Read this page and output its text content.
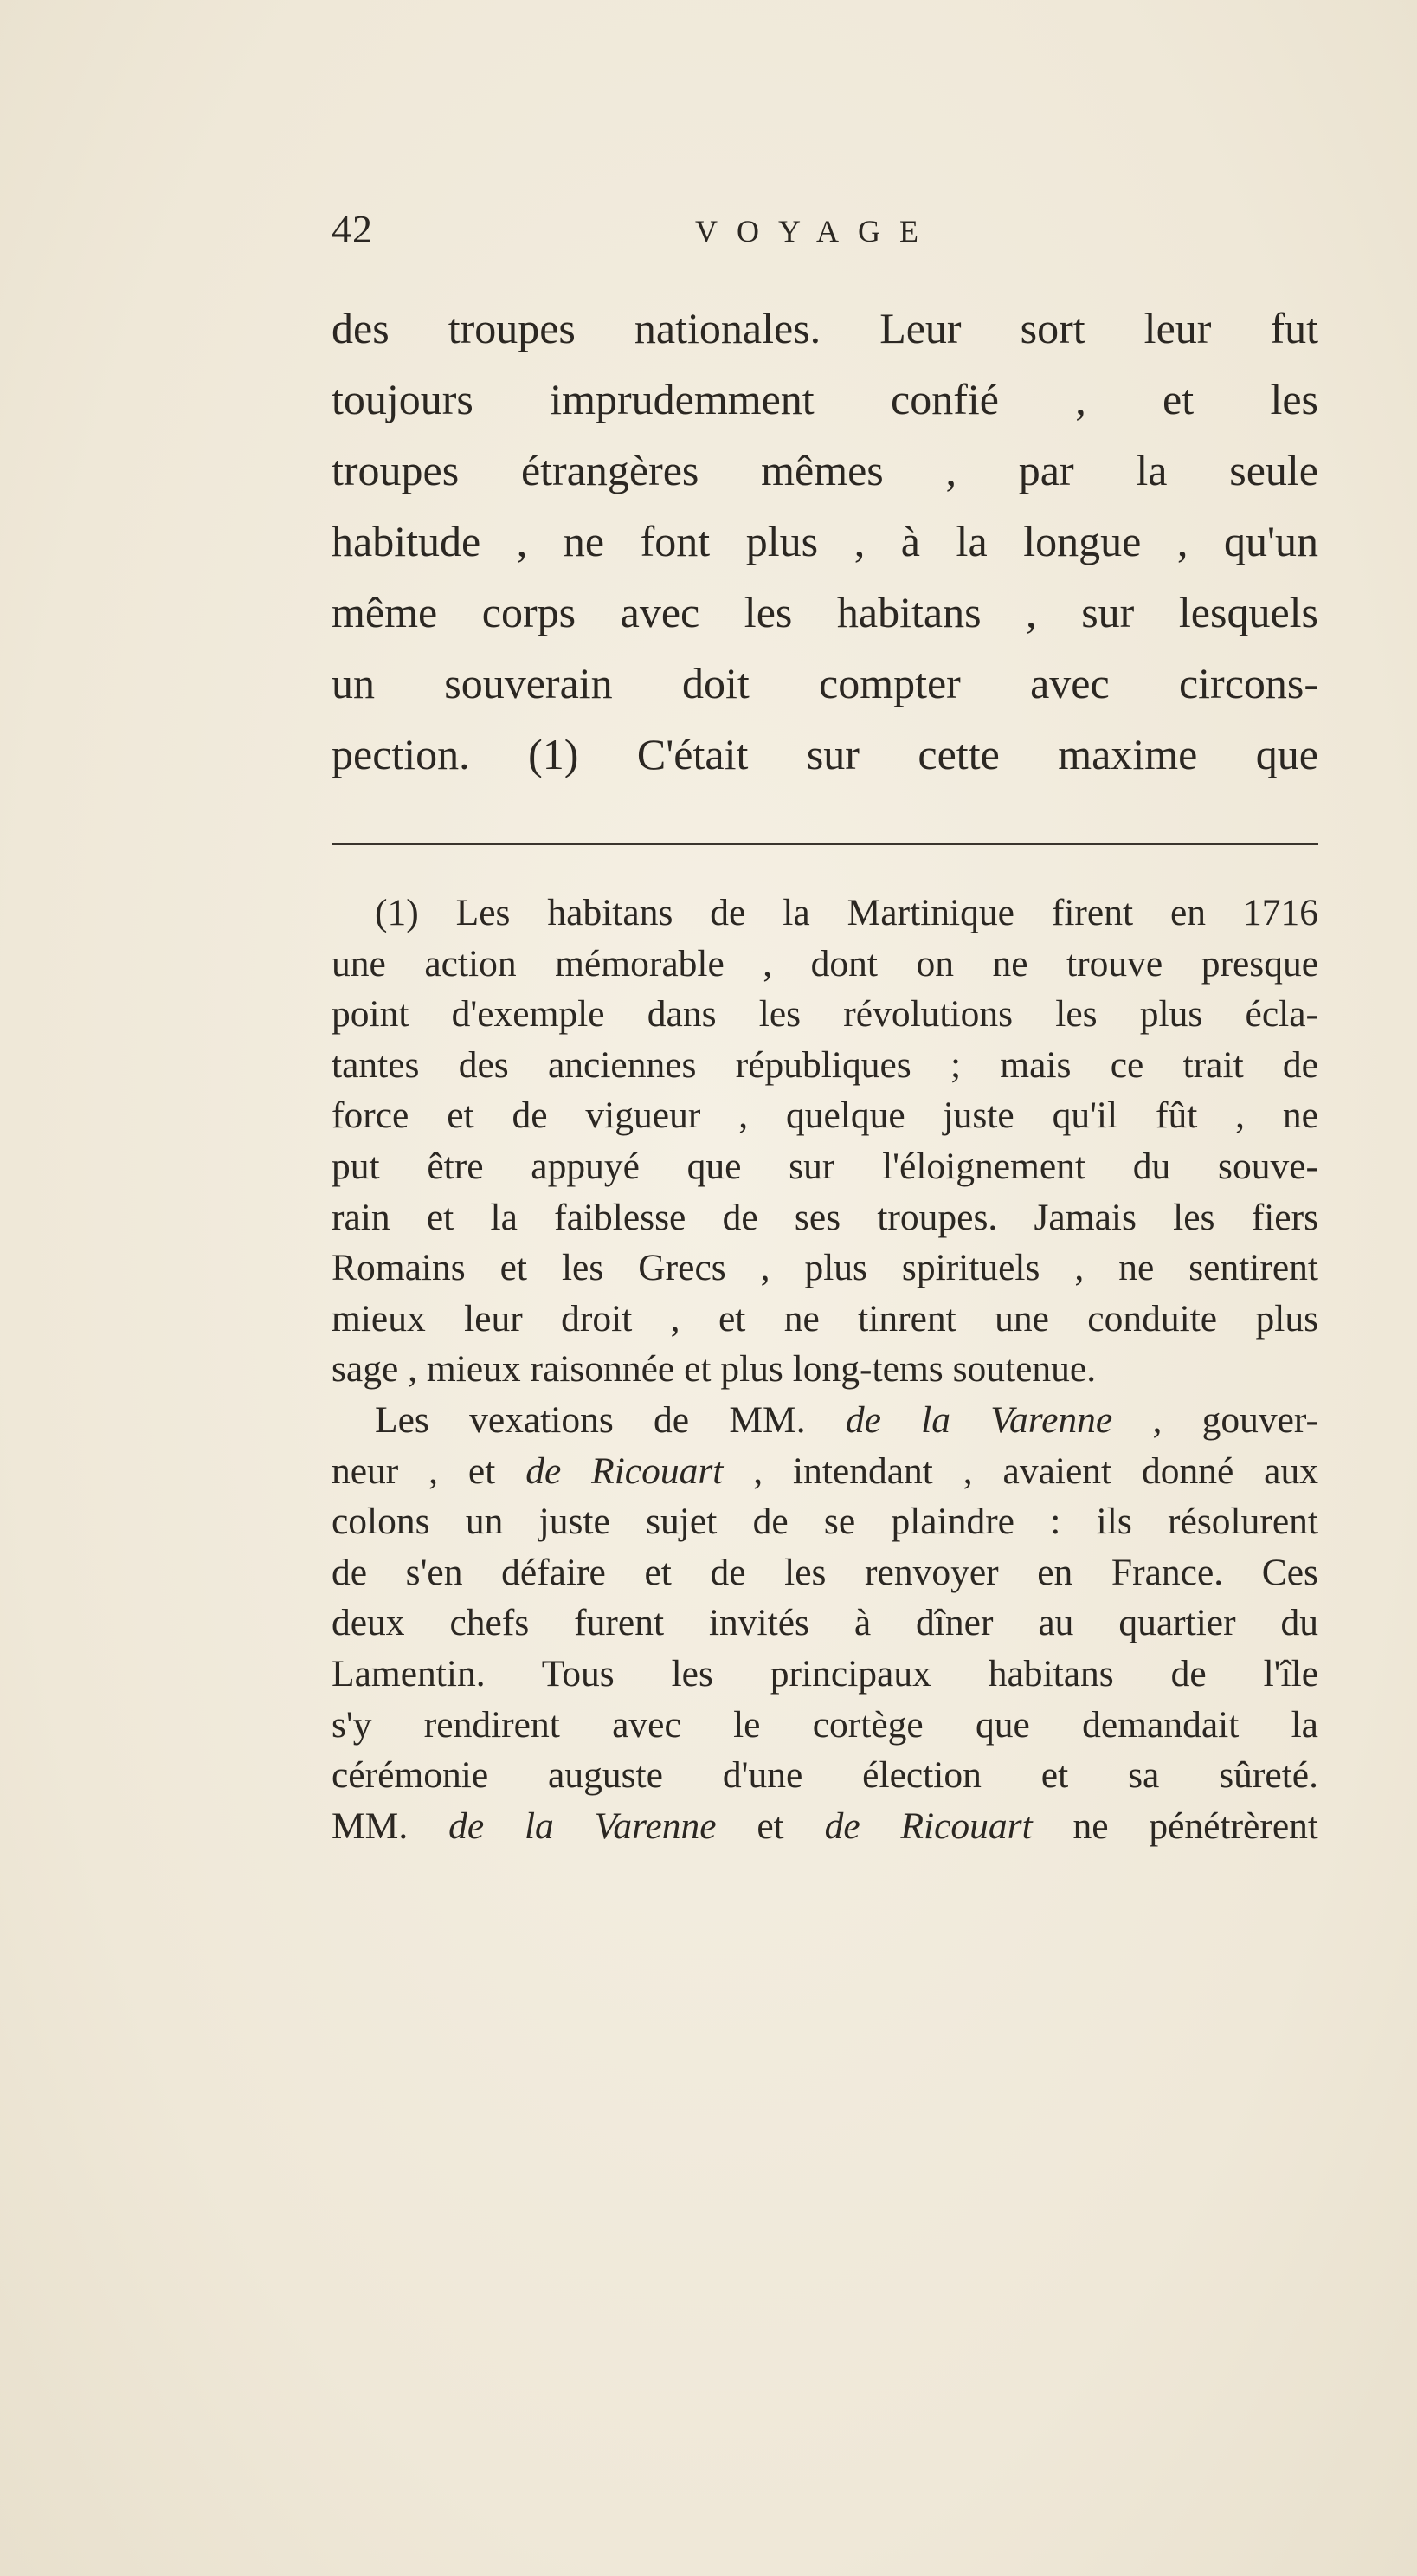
42	VOYAGE
des troupes nationales. Leur sort leur fut
toujours imprudemment confié , et les
troupes étrangères mêmes , par la seule
habitude , ne font plus , à la longue , qu'un
même corps avec les habitans , sur lesquels
un souverain doit compter avec circons-
pection. (1) C'était sur cette maxime que
(1) Les habitans de la Martinique firent en 1716
une action mémorable , dont on ne trouve presque
point d'exemple dans les révolutions les plus écla-
tantes des anciennes républiques ; mais ce trait de
force et de vigueur , quelque juste qu'il fût , ne
put être appuyé que sur l'éloignement du souve-
rain et la faiblesse de ses troupes. Jamais les fiers
Romains et les Grecs , plus spirituels , ne sentirent
mieux leur droit , et ne tinrent une conduite plus
sage , mieux raisonnée et plus long-tems soutenue.
Les vexations de MM. de la Varenne , gouver-
neur , et de Ricouart , intendant , avaient donné aux
colons un juste sujet de se plaindre : ils résolurent
de s'en défaire et de les renvoyer en France. Ces
deux chefs furent invités à dîner au quartier du
Lamentin. Tous les principaux habitans de l'île
s'y rendirent avec le cortège que demandait la
cérémonie auguste d'une élection et sa sûreté.
MM. de la Varenne et de Ricouart ne pénétrèrent
